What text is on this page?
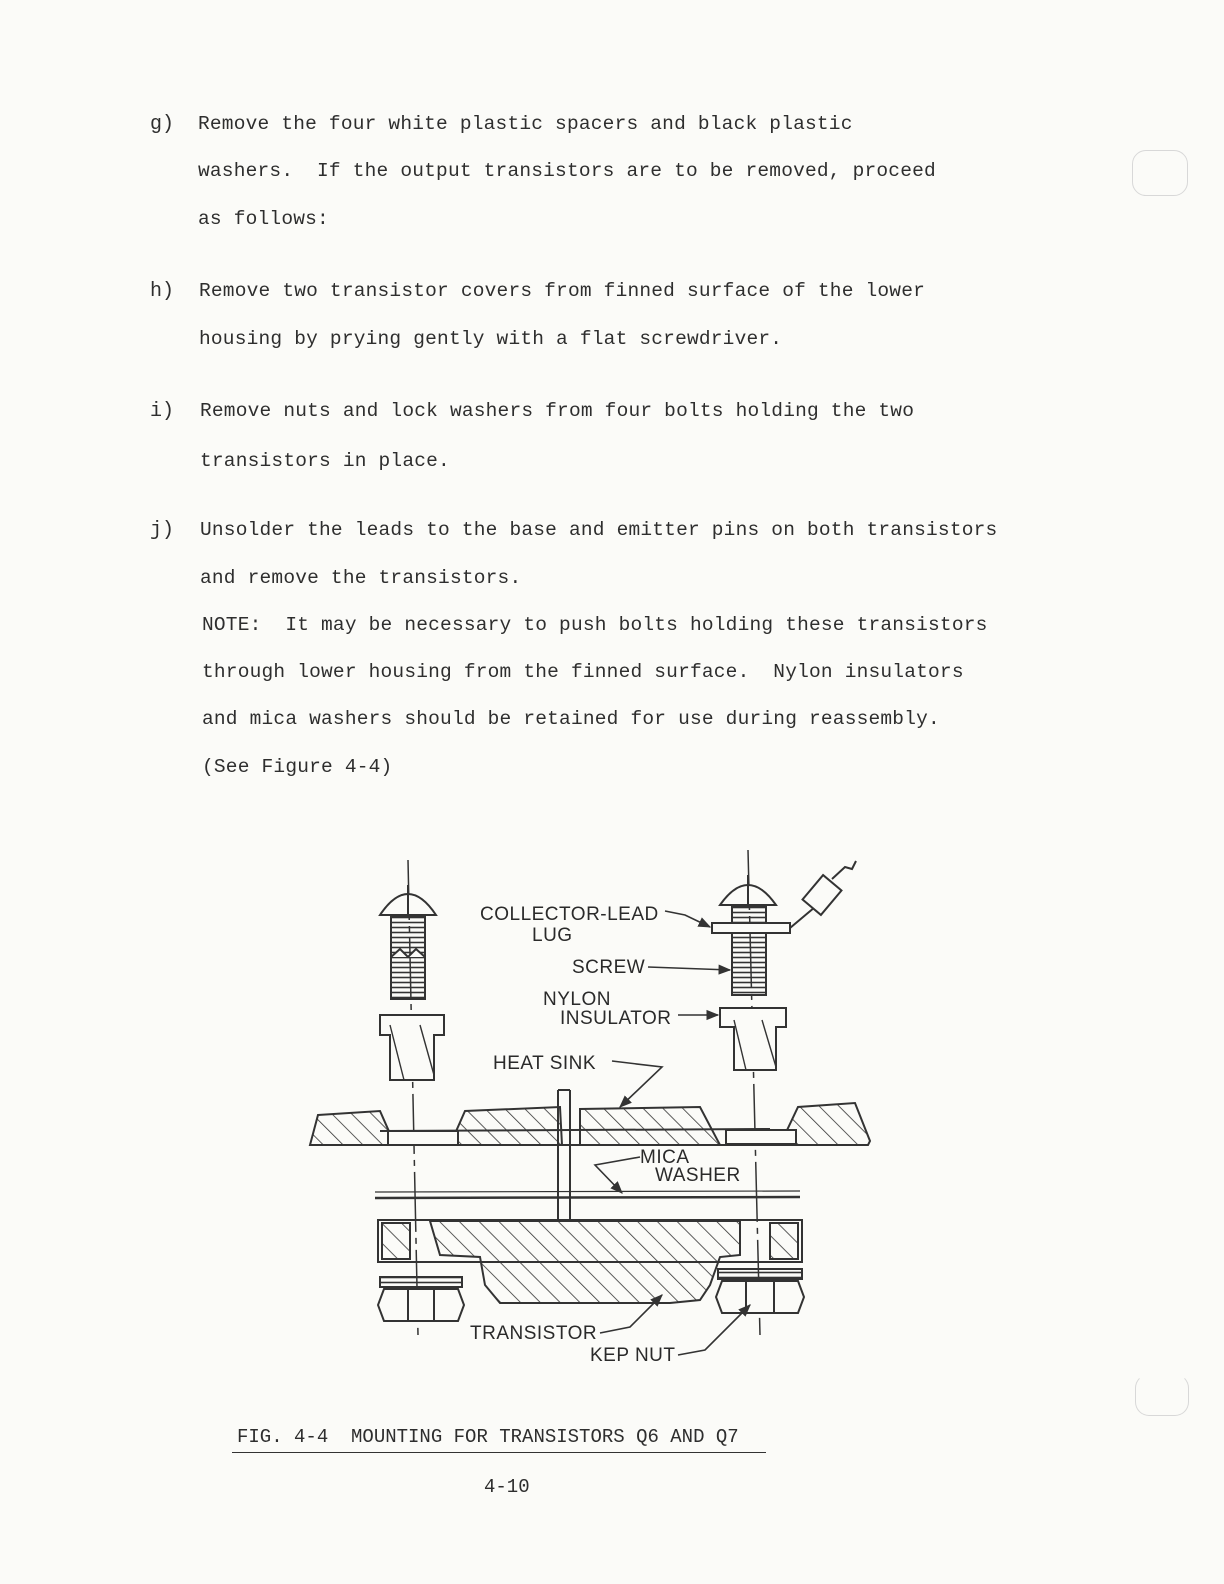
g) Remove the four white plastic spacers and black plastic
washers.  If the output transistors are to be removed, proceed
as follows:
h) Remove two transistor covers from finned surface of the lower
housing by prying gently with a flat screwdriver.
i) Remove nuts and lock washers from four bolts holding the two
transistors in place.
j) Unsolder the leads to the base and emitter pins on both transistors
and remove the transistors.
NOTE:  It may be necessary to push bolts holding these transistors
through lower housing from the finned surface.  Nylon insulators
and mica washers should be retained for use during reassembly.
(See Figure 4-4)
COLLECTOR-LEAD
LUG
SCREW
NYLON
INSULATOR
HEAT SINK
MICA
WASHER
TRANSISTOR
KEP NUT
FIG. 4-4  MOUNTING FOR TRANSISTORS Q6 AND Q7
4-10
